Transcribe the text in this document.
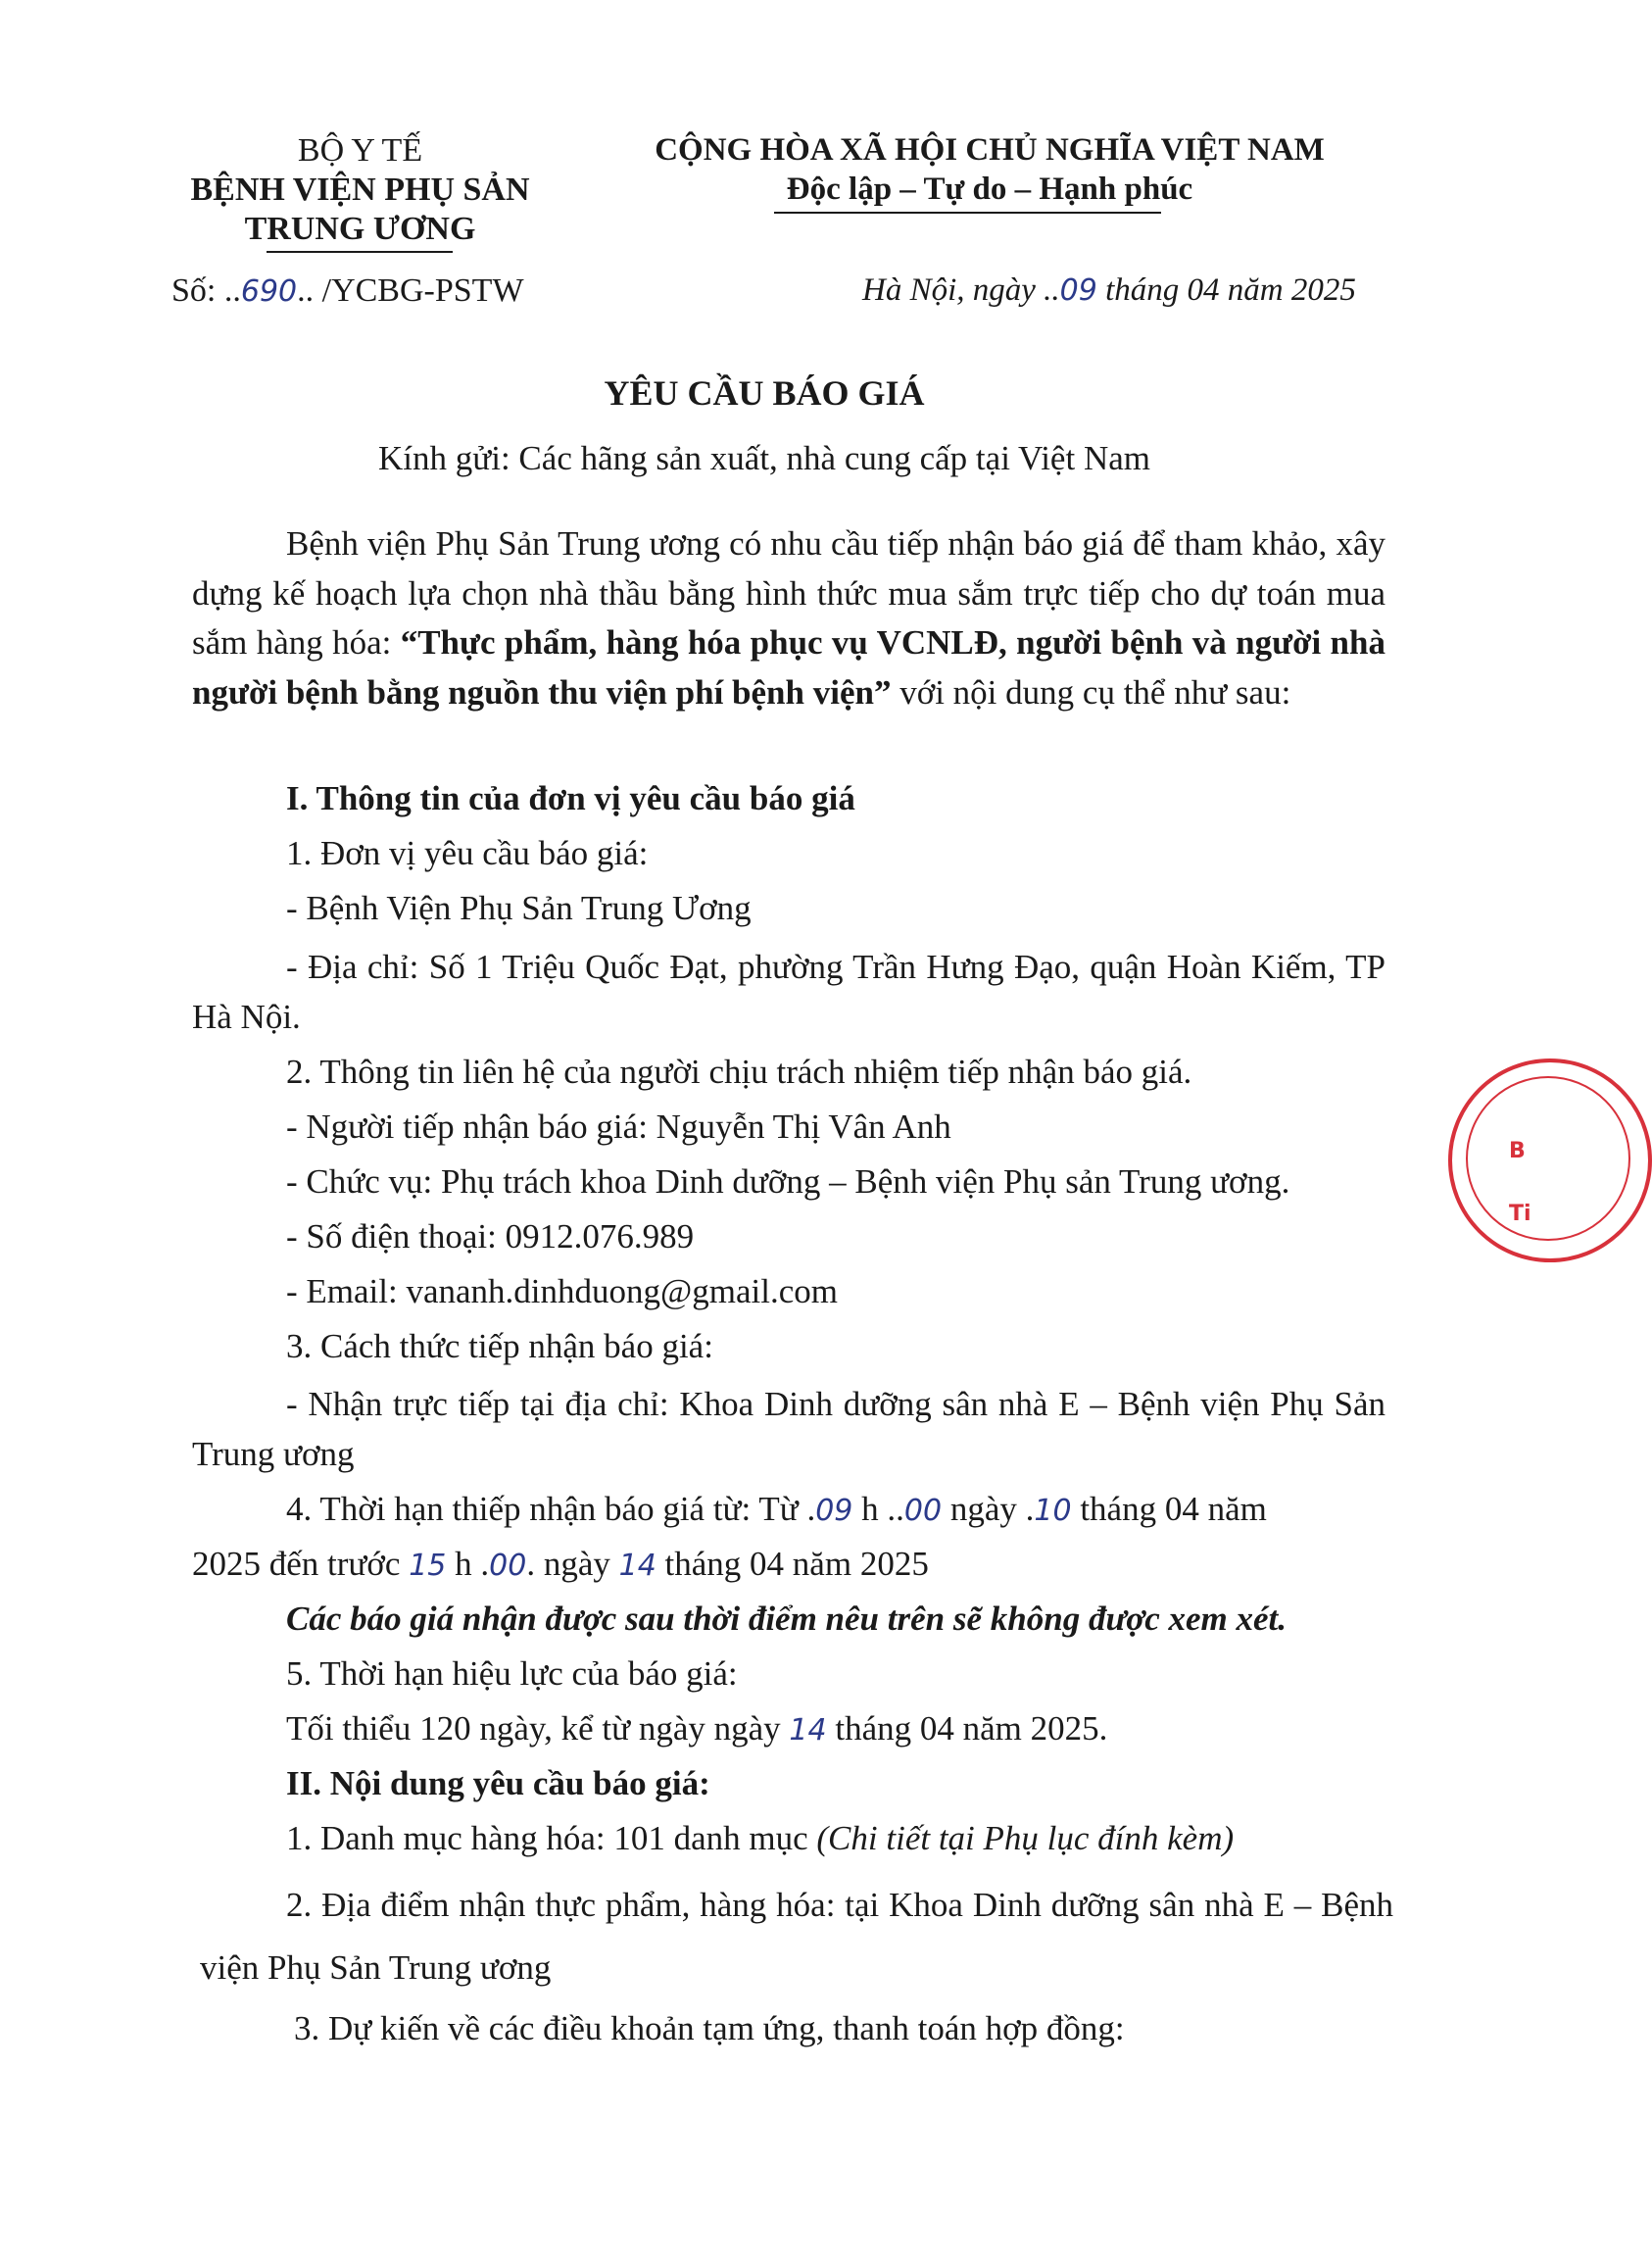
BỘ Y TẾ
BỆNH VIỆN PHỤ SẢN
TRUNG ƯƠNG
Số: ..690.. /YCBG-PSTW
CỘNG HÒA XÃ HỘI CHỦ NGHĨA VIỆT NAM
Độc lập – Tự do – Hạnh phúc
Hà Nội, ngày ..09 tháng 04 năm 2025
YÊU CẦU BÁO GIÁ
Kính gửi: Các hãng sản xuất, nhà cung cấp tại Việt Nam
Bệnh viện Phụ Sản Trung ương có nhu cầu tiếp nhận báo giá để tham khảo, xây dựng kế hoạch lựa chọn nhà thầu bằng hình thức mua sắm trực tiếp cho dự toán mua sắm hàng hóa: “Thực phẩm, hàng hóa phục vụ VCNLĐ, người bệnh và người nhà người bệnh bằng nguồn thu viện phí bệnh viện” với nội dung cụ thể như sau:
I. Thông tin của đơn vị yêu cầu báo giá
1. Đơn vị yêu cầu báo giá:
- Bệnh Viện Phụ Sản Trung Ương
- Địa chỉ: Số 1 Triệu Quốc Đạt, phường Trần Hưng Đạo, quận Hoàn Kiếm, TP Hà Nội.
2. Thông tin liên hệ của người chịu trách nhiệm tiếp nhận báo giá.
- Người tiếp nhận báo giá: Nguyễn Thị Vân Anh
- Chức vụ: Phụ trách khoa Dinh dưỡng – Bệnh viện Phụ sản Trung ương.
- Số điện thoại: 0912.076.989
- Email: vananh.dinhduong@gmail.com
3. Cách thức tiếp nhận báo giá:
- Nhận trực tiếp tại địa chỉ: Khoa Dinh dưỡng sân nhà E – Bệnh viện Phụ Sản Trung ương
4. Thời hạn thiếp nhận báo giá từ: Từ .09 h ..00 ngày .10 tháng 04 năm
2025 đến trước 15 h .00. ngày 14 tháng 04 năm 2025
Các báo giá nhận được sau thời điểm nêu trên sẽ không được xem xét.
5. Thời hạn hiệu lực của báo giá:
Tối thiểu 120 ngày, kể từ ngày ngày 14 tháng 04 năm 2025.
II. Nội dung yêu cầu báo giá:
1. Danh mục hàng hóa: 101 danh mục (Chi tiết tại Phụ lục đính kèm)
2. Địa điểm nhận thực phẩm, hàng hóa: tại Khoa Dinh dưỡng sân nhà E – Bệnh viện Phụ Sản Trung ương
3. Dự kiến về các điều khoản tạm ứng, thanh toán hợp đồng:
B
Ti
